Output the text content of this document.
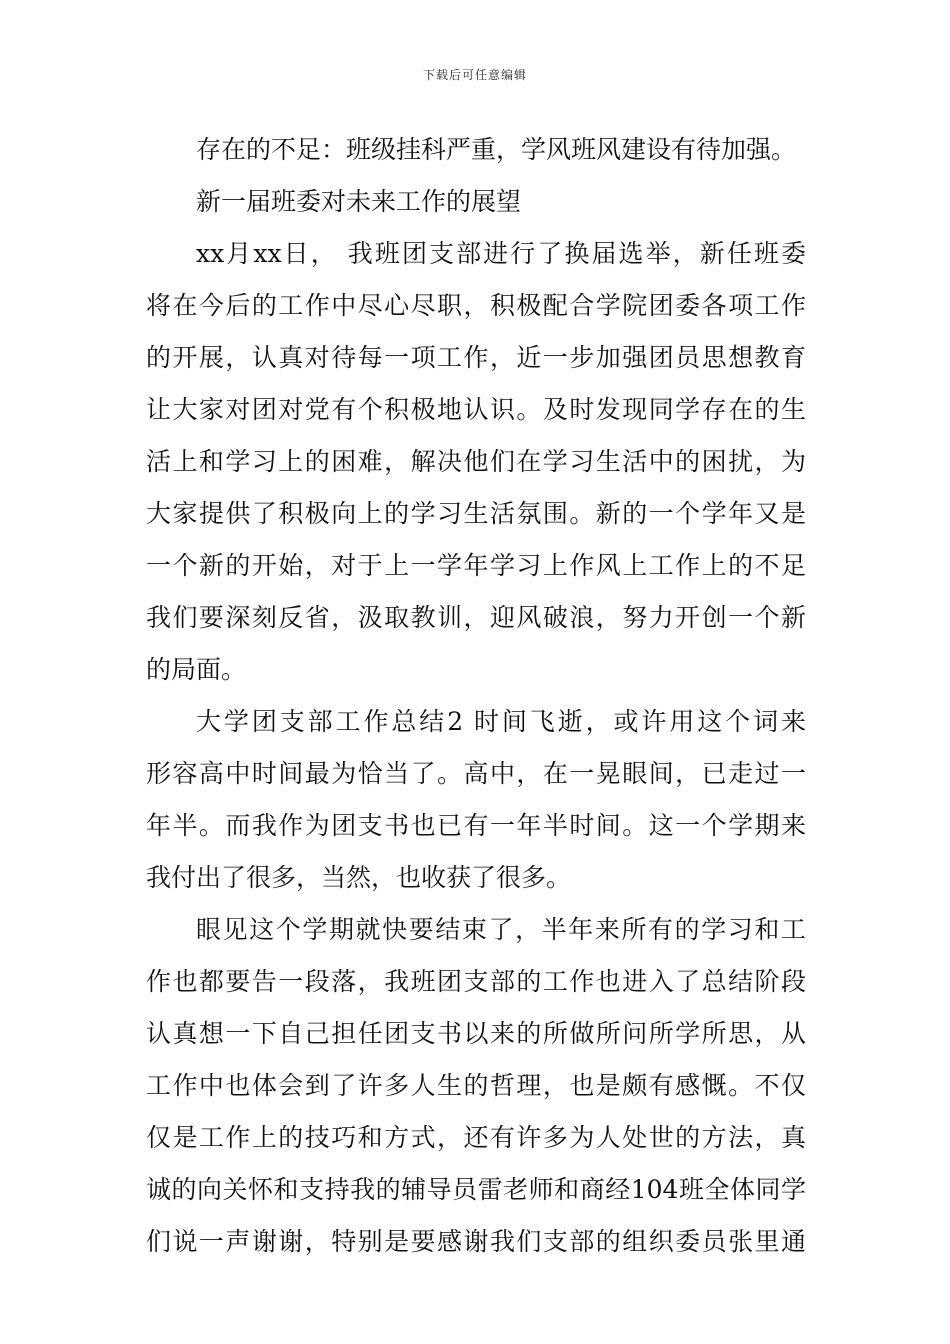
下载后可任意编辑
存在的不足：班级挂科严重，学风班风建设有待加强。
新一届班委对未来工作的展望
xx月xx日， 我班团支部进行了换届选举，新任班委
将在今后的工作中尽心尽职，积极配合学院团委各项工作
的开展，认真对待每一项工作，近一步加强团员思想教育
让大家对团对党有个积极地认识。及时发现同学存在的生
活上和学习上的困难，解决他们在学习生活中的困扰，为
大家提供了积极向上的学习生活氛围。新的一个学年又是
一个新的开始，对于上一学年学习上作风上工作上的不足
我们要深刻反省，汲取教训，迎风破浪，努力开创一个新
的局面。
大学团支部工作总结2 时间飞逝，或许用这个词来
形容高中时间最为恰当了。高中，在一晃眼间，已走过一
年半。而我作为团支书也已有一年半时间。这一个学期来
我付出了很多，当然，也收获了很多。
眼见这个学期就快要结束了，半年来所有的学习和工
作也都要告一段落，我班团支部的工作也进入了总结阶段
认真想一下自己担任团支书以来的所做所问所学所思，从
工作中也体会到了许多人生的哲理，也是颇有感慨。不仅
仅是工作上的技巧和方式，还有许多为人处世的方法，真
诚的向关怀和支持我的辅导员雷老师和商经104班全体同学
们说一声谢谢，特别是要感谢我们支部的组织委员张里通
